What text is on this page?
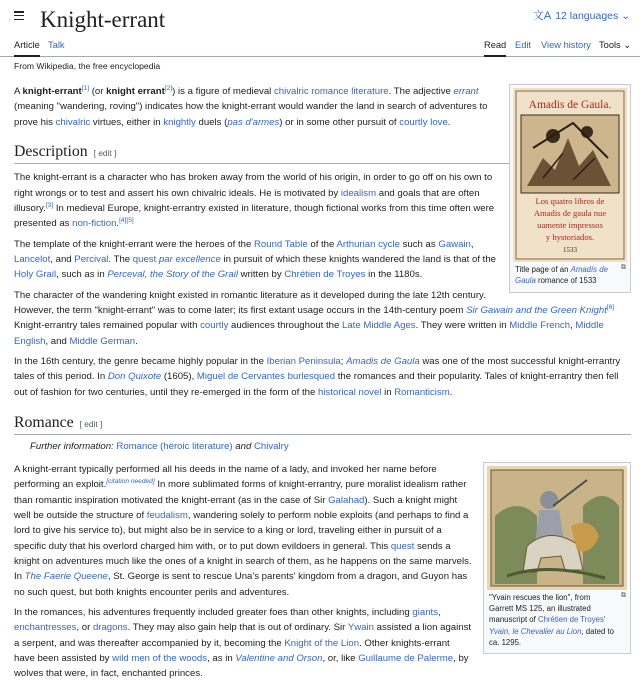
Knight-errant	文A 12 languages ⌄
Article Talk	Read Edit View history Tools ⌄
From Wikipedia, the free encyclopedia
Amadis de Gaula.
Los quatro libros de
Amadis de gaula nue
uamente impressos
y hystoriados.
1533
⧉
Title page of an Amadís de Gaula romance of 1533

A knight-errant[1] (or knight errant[2]) is a figure of medieval chivalric romance literature. The adjective errant (meaning "wandering, roving") indicates how the knight-errant would wander the land in search of adventures to prove his chivalric virtues, either in knightly duels (pas d'armes) or in some other pursuit of courtly love.

Description [ edit ]

The knight-errant is a character who has broken away from the world of his origin, in order to go off on his own to right wrongs or to test and assert his own chivalric ideals. He is motivated by idealism and goals that are often illusory.[3] In medieval Europe, knight-errantry existed in literature, though fictional works from this time often were presented as non-fiction.[4][5]

The template of the knight-errant were the heroes of the Round Table of the Arthurian cycle such as Gawain, Lancelot, and Percival. The quest par excellence in pursuit of which these knights wandered the land is that of the Holy Grail, such as in Perceval, the Story of the Grail written by Chrétien de Troyes in the 1180s.

The character of the wandering knight existed in romantic literature as it developed during the late 12th century. However, the term "knight-errant" was to come later; its first extant usage occurs in the 14th-century poem Sir Gawain and the Green Knight[6] Knight-errantry tales remained popular with courtly audiences throughout the Late Middle Ages. They were written in Middle French, Middle English, and Middle German.

In the 16th century, the genre became highly popular in the Iberian Peninsula; Amadis de Gaula was one of the most successful knight-errantry tales of this period. In Don Quixote (1605), Miguel de Cervantes burlesqued the romances and their popularity. Tales of knight-errantry then fell out of fashion for two centuries, until they re-emerged in the form of the historical novel in Romanticism.

Romance [ edit ]
Further information: Romance (heroic literature) and Chivalry
⧉
"Yvain rescues the lion", from Garrett MS 125, an illustrated manuscript of Chrétien de Troyes' Yvain, le Chevalier au Lion, dated to ca. 1295.

A knight-errant typically performed all his deeds in the name of a lady, and invoked her name before performing an exploit.[citation needed] In more sublimated forms of knight-errantry, pure moralist idealism rather than romantic inspiration motivated the knight-errant (as in the case of Sir Galahad). Such a knight might well be outside the structure of feudalism, wandering solely to perform noble exploits (and perhaps to find a lord to give his service to), but might also be in service to a king or lord, traveling either in pursuit of a specific duty that his overlord charged him with, or to put down evildoers in general. This quest sends a knight on adventures much like the ones of a knight in search of them, as he happens on the same marvels. In The Faerie Queene, St. George is sent to rescue Una's parents' kingdom from a dragon, and Guyon has no such quest, but both knights encounter perils and adventures.

In the romances, his adventures frequently included greater foes than other knights, including giants, enchantresses, or dragons. They may also gain help that is out of ordinary. Sir Ywain assisted a lion against a serpent, and was thereafter accompanied by it, becoming the Knight of the Lion. Other knights-errant have been assisted by wild men of the woods, as in Valentine and Orson, or, like Guillaume de Palerme, by wolves that were, in fact, enchanted princes.
